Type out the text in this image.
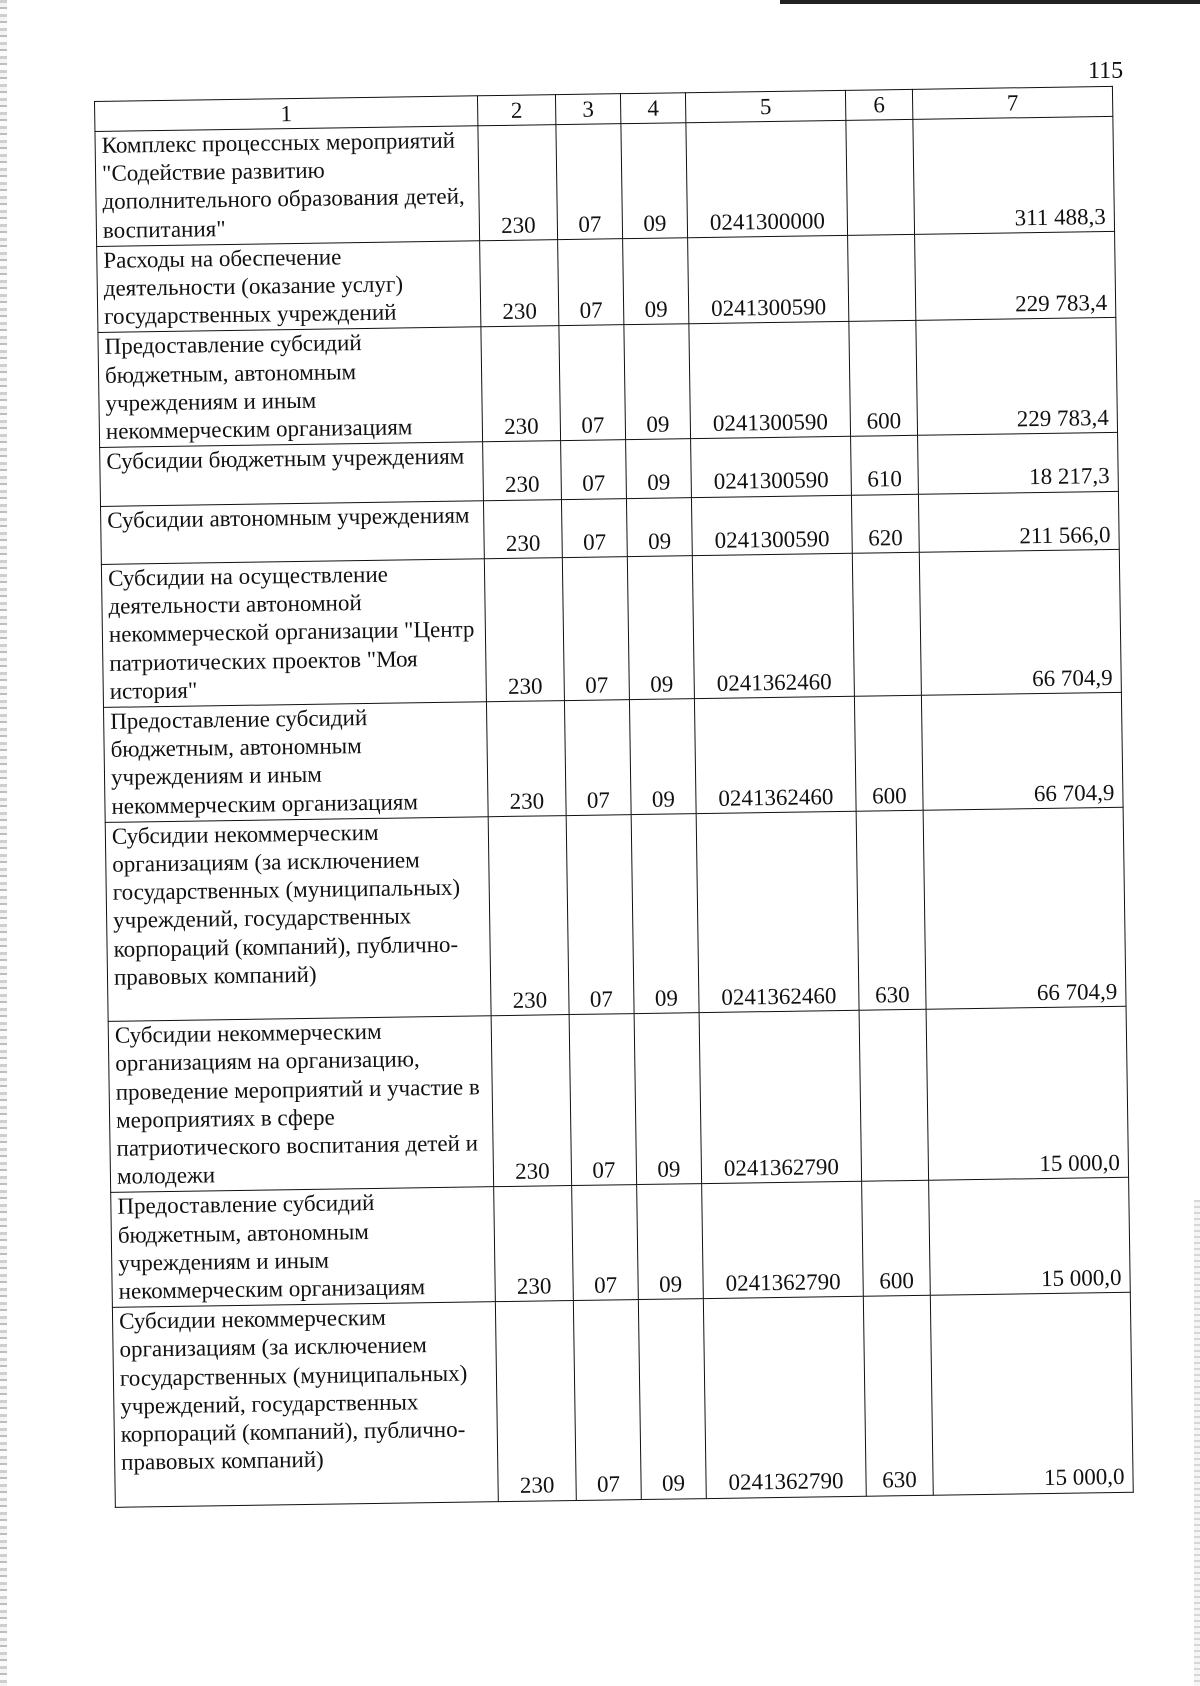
115
1	2	3	4	5	6	7
Комплекс процессных мероприятий "Содействие развитию дополнительного образования детей, воспитания"	230	07	09	0241300000		311 488,3
Расходы на обеспечение деятельности (оказание услуг) государственных учреждений	230	07	09	0241300590		229 783,4
Предоставление субсидий бюджетным, автономным учреждениям и иным некоммерческим организациям	230	07	09	0241300590	600	229 783,4
Субсидии бюджетным учреждениям	230	07	09	0241300590	610	18 217,3
Субсидии автономным учреждениям	230	07	09	0241300590	620	211 566,0
Субсидии на осуществление деятельности автономной некоммерческой организации "Центр патриотических проектов "Моя история"	230	07	09	0241362460		66 704,9
Предоставление субсидий бюджетным, автономным учреждениям и иным некоммерческим организациям	230	07	09	0241362460	600	66 704,9
Субсидии некоммерческим организациям (за исключением государственных (муниципальных) учреждений, государственных корпораций (компаний), публично-правовых компаний)	230	07	09	0241362460	630	66 704,9
Субсидии некоммерческим организациям на организацию, проведение мероприятий и участие в мероприятиях в сфере патриотического воспитания детей и молодежи	230	07	09	0241362790		15 000,0
Предоставление субсидий бюджетным, автономным учреждениям и иным некоммерческим организациям	230	07	09	0241362790	600	15 000,0
Субсидии некоммерческим организациям (за исключением государственных (муниципальных) учреждений, государственных корпораций (компаний), публично-правовых компаний)	230	07	09	0241362790	630	15 000,0
